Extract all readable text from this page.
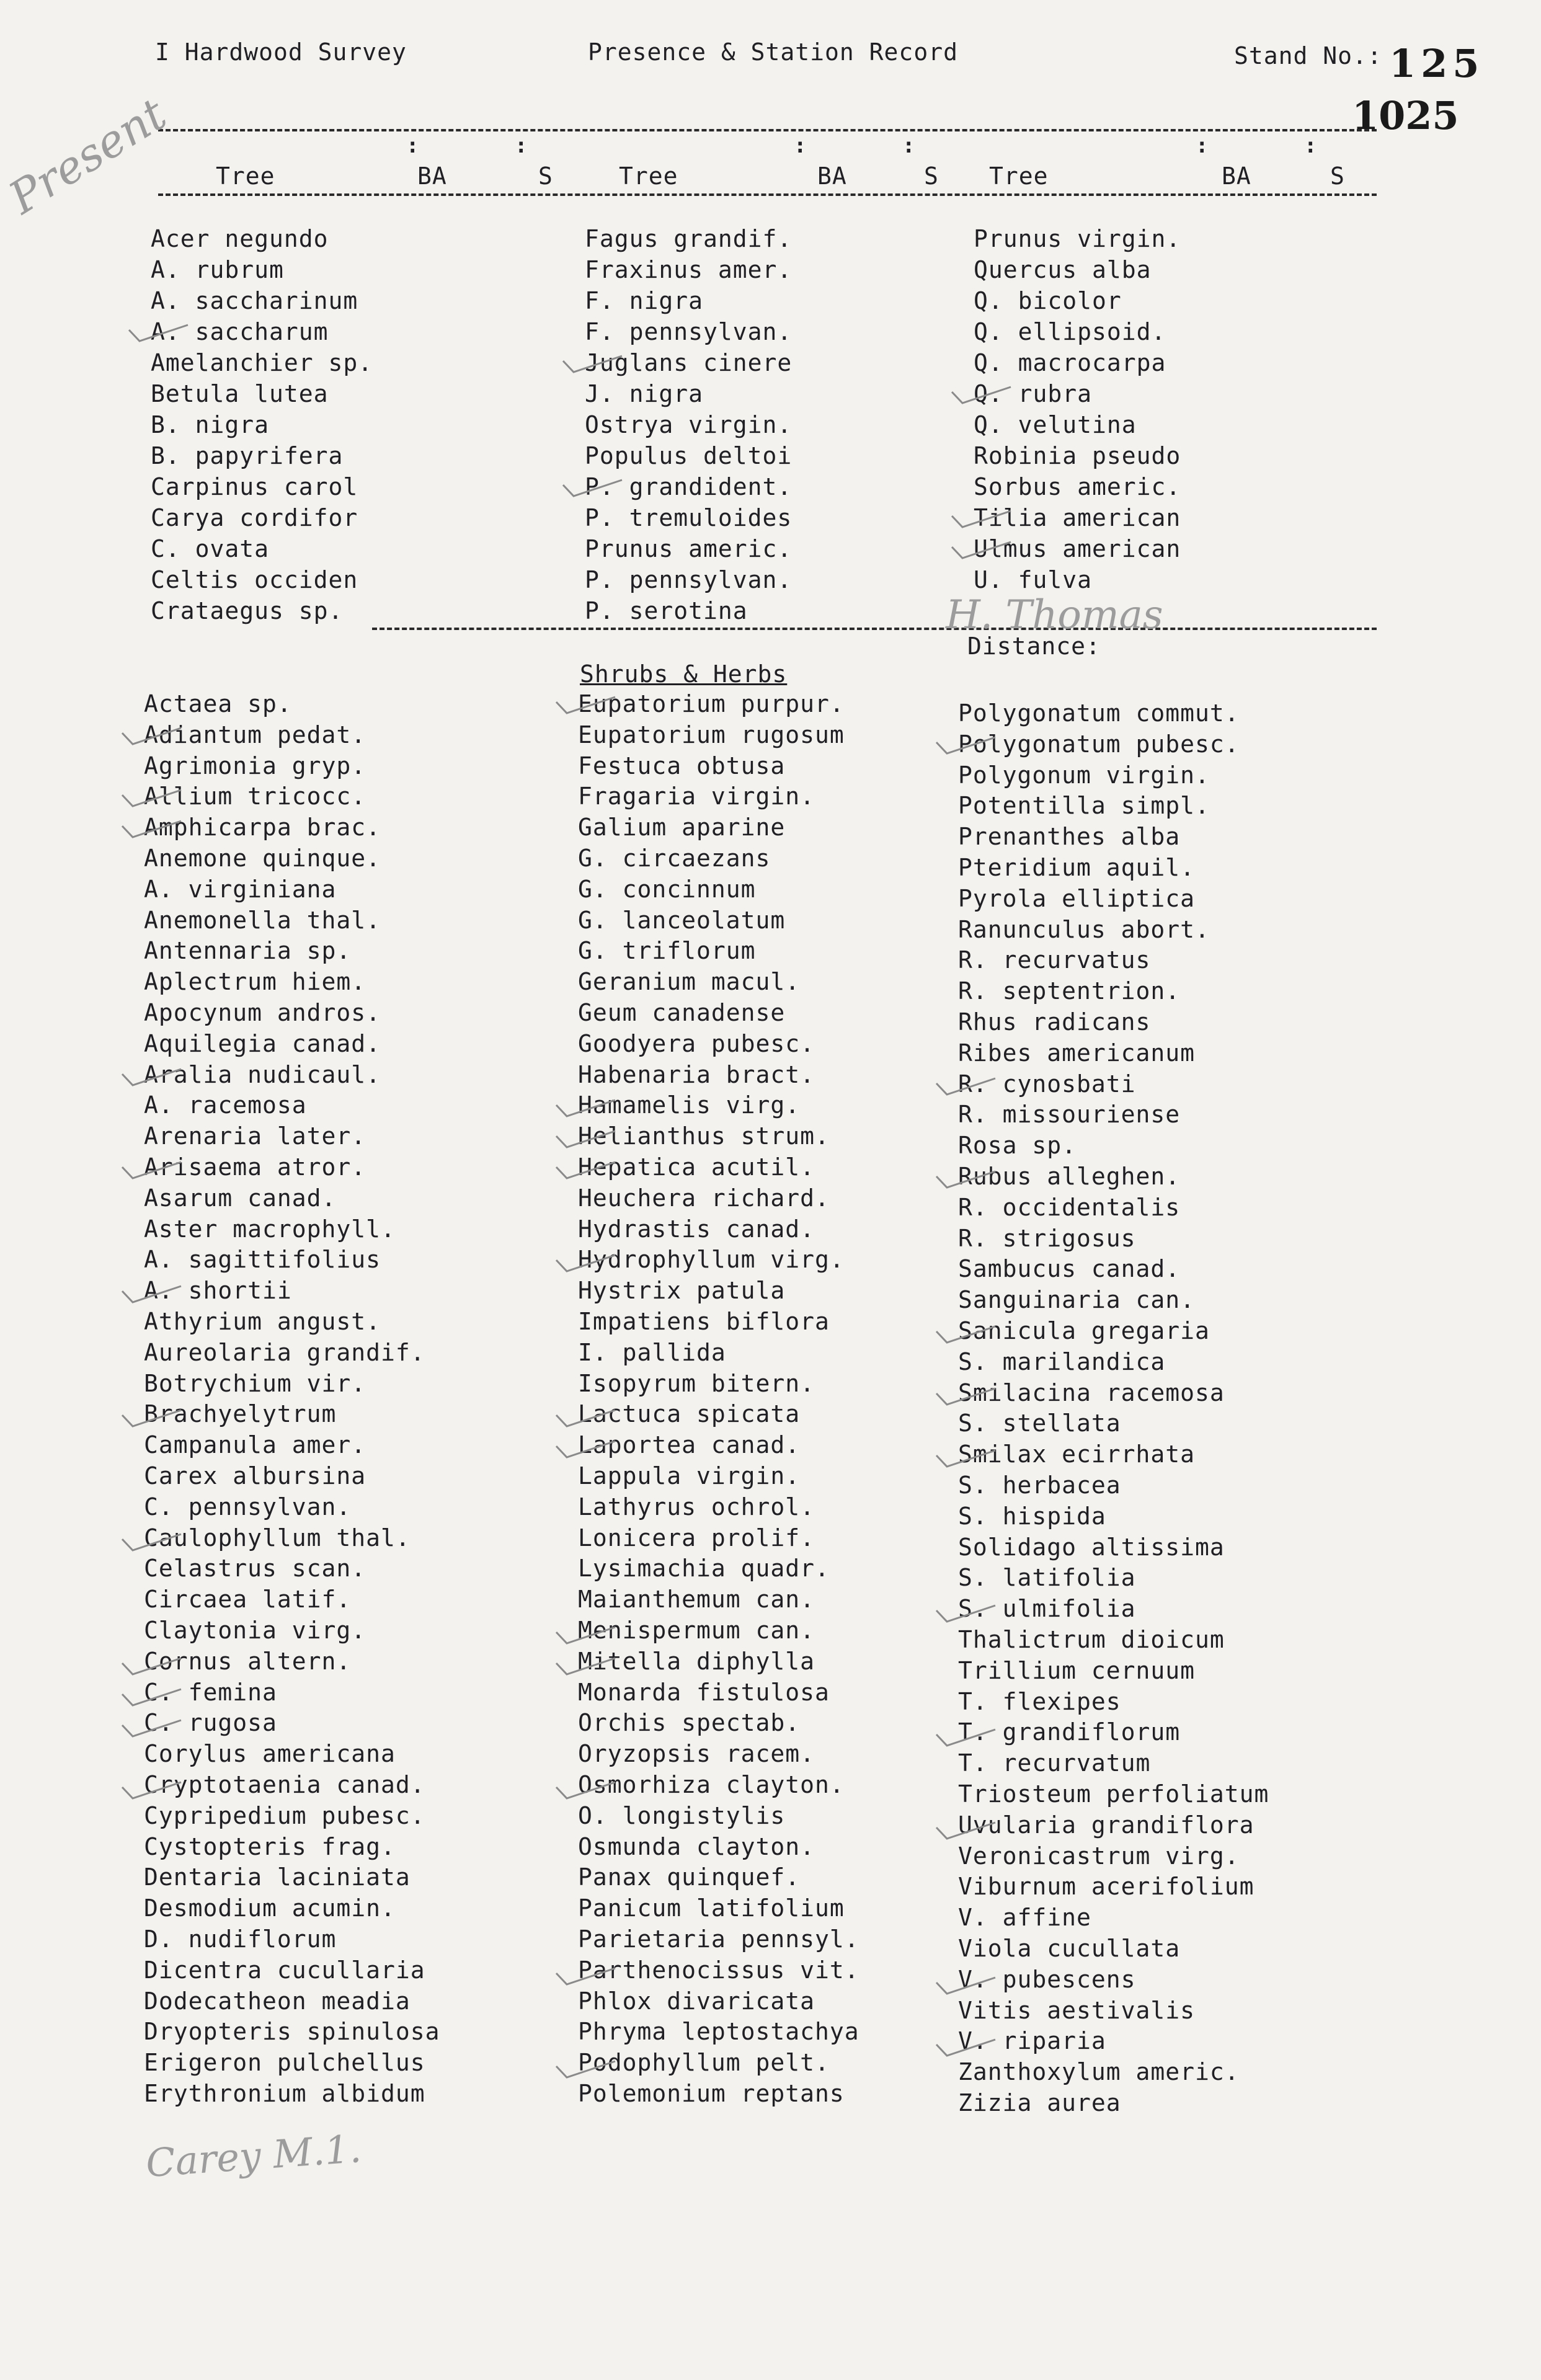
I Hardwood Survey	Presence & Station Record	Stand No.: 125
1025
:	:	:	:	:	:
Tree	BA	S	Tree	BA	S Tree	BA	S
Present
Acer negundo
A. rubrum
A. saccharinum
A. saccharum
Amelanchier sp.
Betula lutea
B. nigra
B. papyrifera
Carpinus carol
Carya cordifor
C. ovata
Celtis occiden
Crataegus sp.
Fagus grandif.
Fraxinus amer.
F. nigra
F. pennsylvan.
Juglans cinere
J. nigra
Ostrya virgin.
Populus deltoi
P. grandident.
P. tremuloides
Prunus americ.
P. pennsylvan.
P. serotina
Prunus virgin.
Quercus alba
Q. bicolor
Q. ellipsoid.
Q. macrocarpa
Q. rubra
Q. velutina
Robinia pseudo
Sorbus americ.
Tilia american
Ulmus american
U. fulva
Shrubs & Herbs
Distance:
H. Thomas
Actaea sp.
Adiantum pedat.
Agrimonia gryp.
Allium tricocc.
Amphicarpa brac.
Anemone quinque.
A. virginiana
Anemonella thal.
Antennaria sp.
Aplectrum hiem.
Apocynum andros.
Aquilegia canad.
Aralia nudicaul.
A. racemosa
Arenaria later.
Arisaema atror.
Asarum canad.
Aster macrophyll.
A. sagittifolius
A. shortii
Athyrium angust.
Aureolaria grandif.
Botrychium vir.
Brachyelytrum
Campanula amer.
Carex albursina
C. pennsylvan.
Caulophyllum thal.
Celastrus scan.
Circaea latif.
Claytonia virg.
Cornus altern.
C. femina
C. rugosa
Corylus americana
Cryptotaenia canad.
Cypripedium pubesc.
Cystopteris frag.
Dentaria laciniata
Desmodium acumin.
D. nudiflorum
Dicentra cucullaria
Dodecatheon meadia
Dryopteris spinulosa
Erigeron pulchellus
Erythronium albidum
Eupatorium purpur.
Eupatorium rugosum
Festuca obtusa
Fragaria virgin.
Galium aparine
G. circaezans
G. concinnum
G. lanceolatum
G. triflorum
Geranium macul.
Geum canadense
Goodyera pubesc.
Habenaria bract.
Hamamelis virg.
Helianthus strum.
Hepatica acutil.
Heuchera richard.
Hydrastis canad.
Hydrophyllum virg.
Hystrix patula
Impatiens biflora
I. pallida
Isopyrum bitern.
Lactuca spicata
Laportea canad.
Lappula virgin.
Lathyrus ochrol.
Lonicera prolif.
Lysimachia quadr.
Maianthemum can.
Menispermum can.
Mitella diphylla
Monarda fistulosa
Orchis spectab.
Oryzopsis racem.
Osmorhiza clayton.
O. longistylis
Osmunda clayton.
Panax quinquef.
Panicum latifolium
Parietaria pennsyl.
Parthenocissus vit.
Phlox divaricata
Phryma leptostachya
Podophyllum pelt.
Polemonium reptans
Polygonatum commut.
Polygonatum pubesc.
Polygonum virgin.
Potentilla simpl.
Prenanthes alba
Pteridium aquil.
Pyrola elliptica
Ranunculus abort.
R. recurvatus
R. septentrion.
Rhus radicans
Ribes americanum
R. cynosbati
R. missouriense
Rosa sp.
Rubus alleghen.
R. occidentalis
R. strigosus
Sambucus canad.
Sanguinaria can.
Sanicula gregaria
S. marilandica
Smilacina racemosa
S. stellata
Smilax ecirrhata
S. herbacea
S. hispida
Solidago altissima
S. latifolia
S. ulmifolia
Thalictrum dioicum
Trillium cernuum
T. flexipes
T. grandiflorum
T. recurvatum
Triosteum perfoliatum
Uvularia grandiflora
Veronicastrum virg.
Viburnum acerifolium
V. affine
Viola cucullata
V. pubescens
Vitis aestivalis
V. riparia
Zanthoxylum americ.
Zizia aurea
Carey M.1.
